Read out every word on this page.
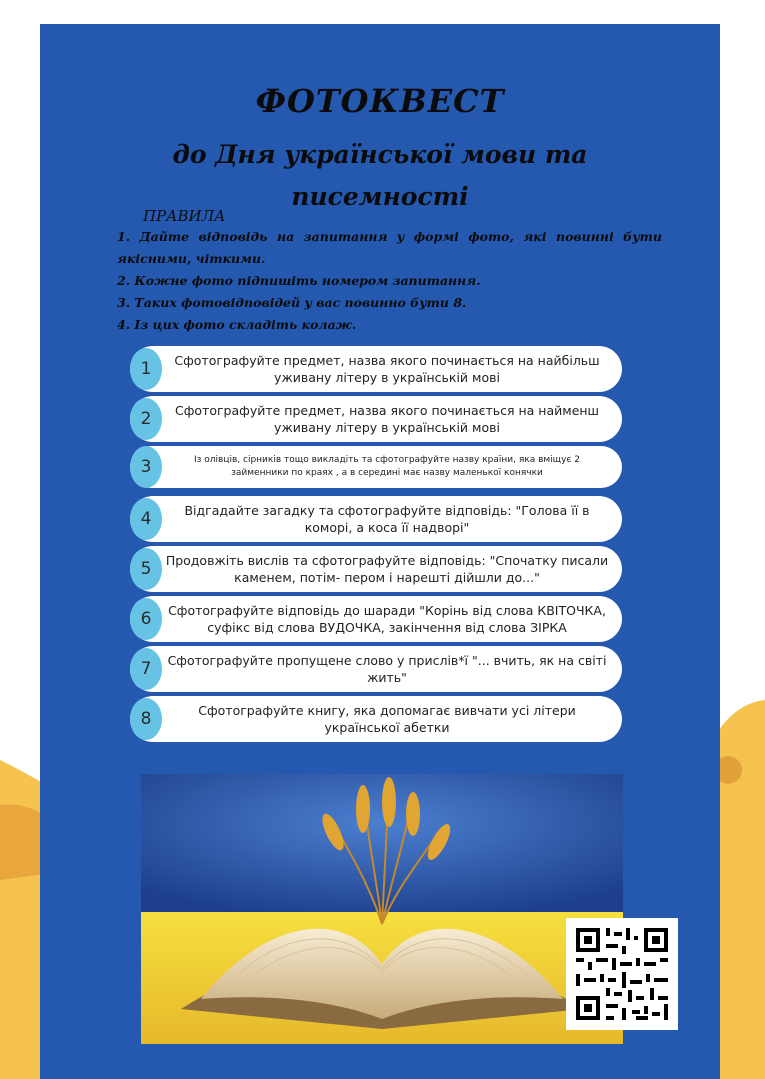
ФОТОКВЕСТ
до Дня української мови та писемності
ПРАВИЛА
1. Дайте відповідь на запитання у формі фото, які повинні бути якісними, чіткими.
2. Кожне фото підпишіть номером запитання.
3. Таких фотовідповідей у вас повинно бути 8.
4. Із цих фото складіть колаж.
1	Сфотографуйте предмет, назва якого починається на найбільш уживану літеру в українській мові
2	Сфотографуйте предмет, назва якого починається на найменш уживану літеру в українській мові
3	Із олівців, сірників тощо викладіть та сфотографуйте назву країни, яка вміщує 2 займенники по краях , а в середині має назву маленької конячки
4	Відгадайте загадку та сфотографуйте відповідь: "Голова її в коморі, а коса її надворі"
5	Продовжіть вислів та сфотографуйте відповідь: "Спочатку писали каменем, потім- пером і нарешті дійшли до..."
6	Сфотографуйте відповідь до шаради "Корінь від слова КВІТОЧКА, суфікс від слова ВУДОЧКА, закінчення від слова ЗІРКА
7	Сфотографуйте пропущене слово у прислів*ї "... вчить, як на світі жить"
8	Сфотографуйте книгу, яка допомагає вивчати усі літери української абетки
